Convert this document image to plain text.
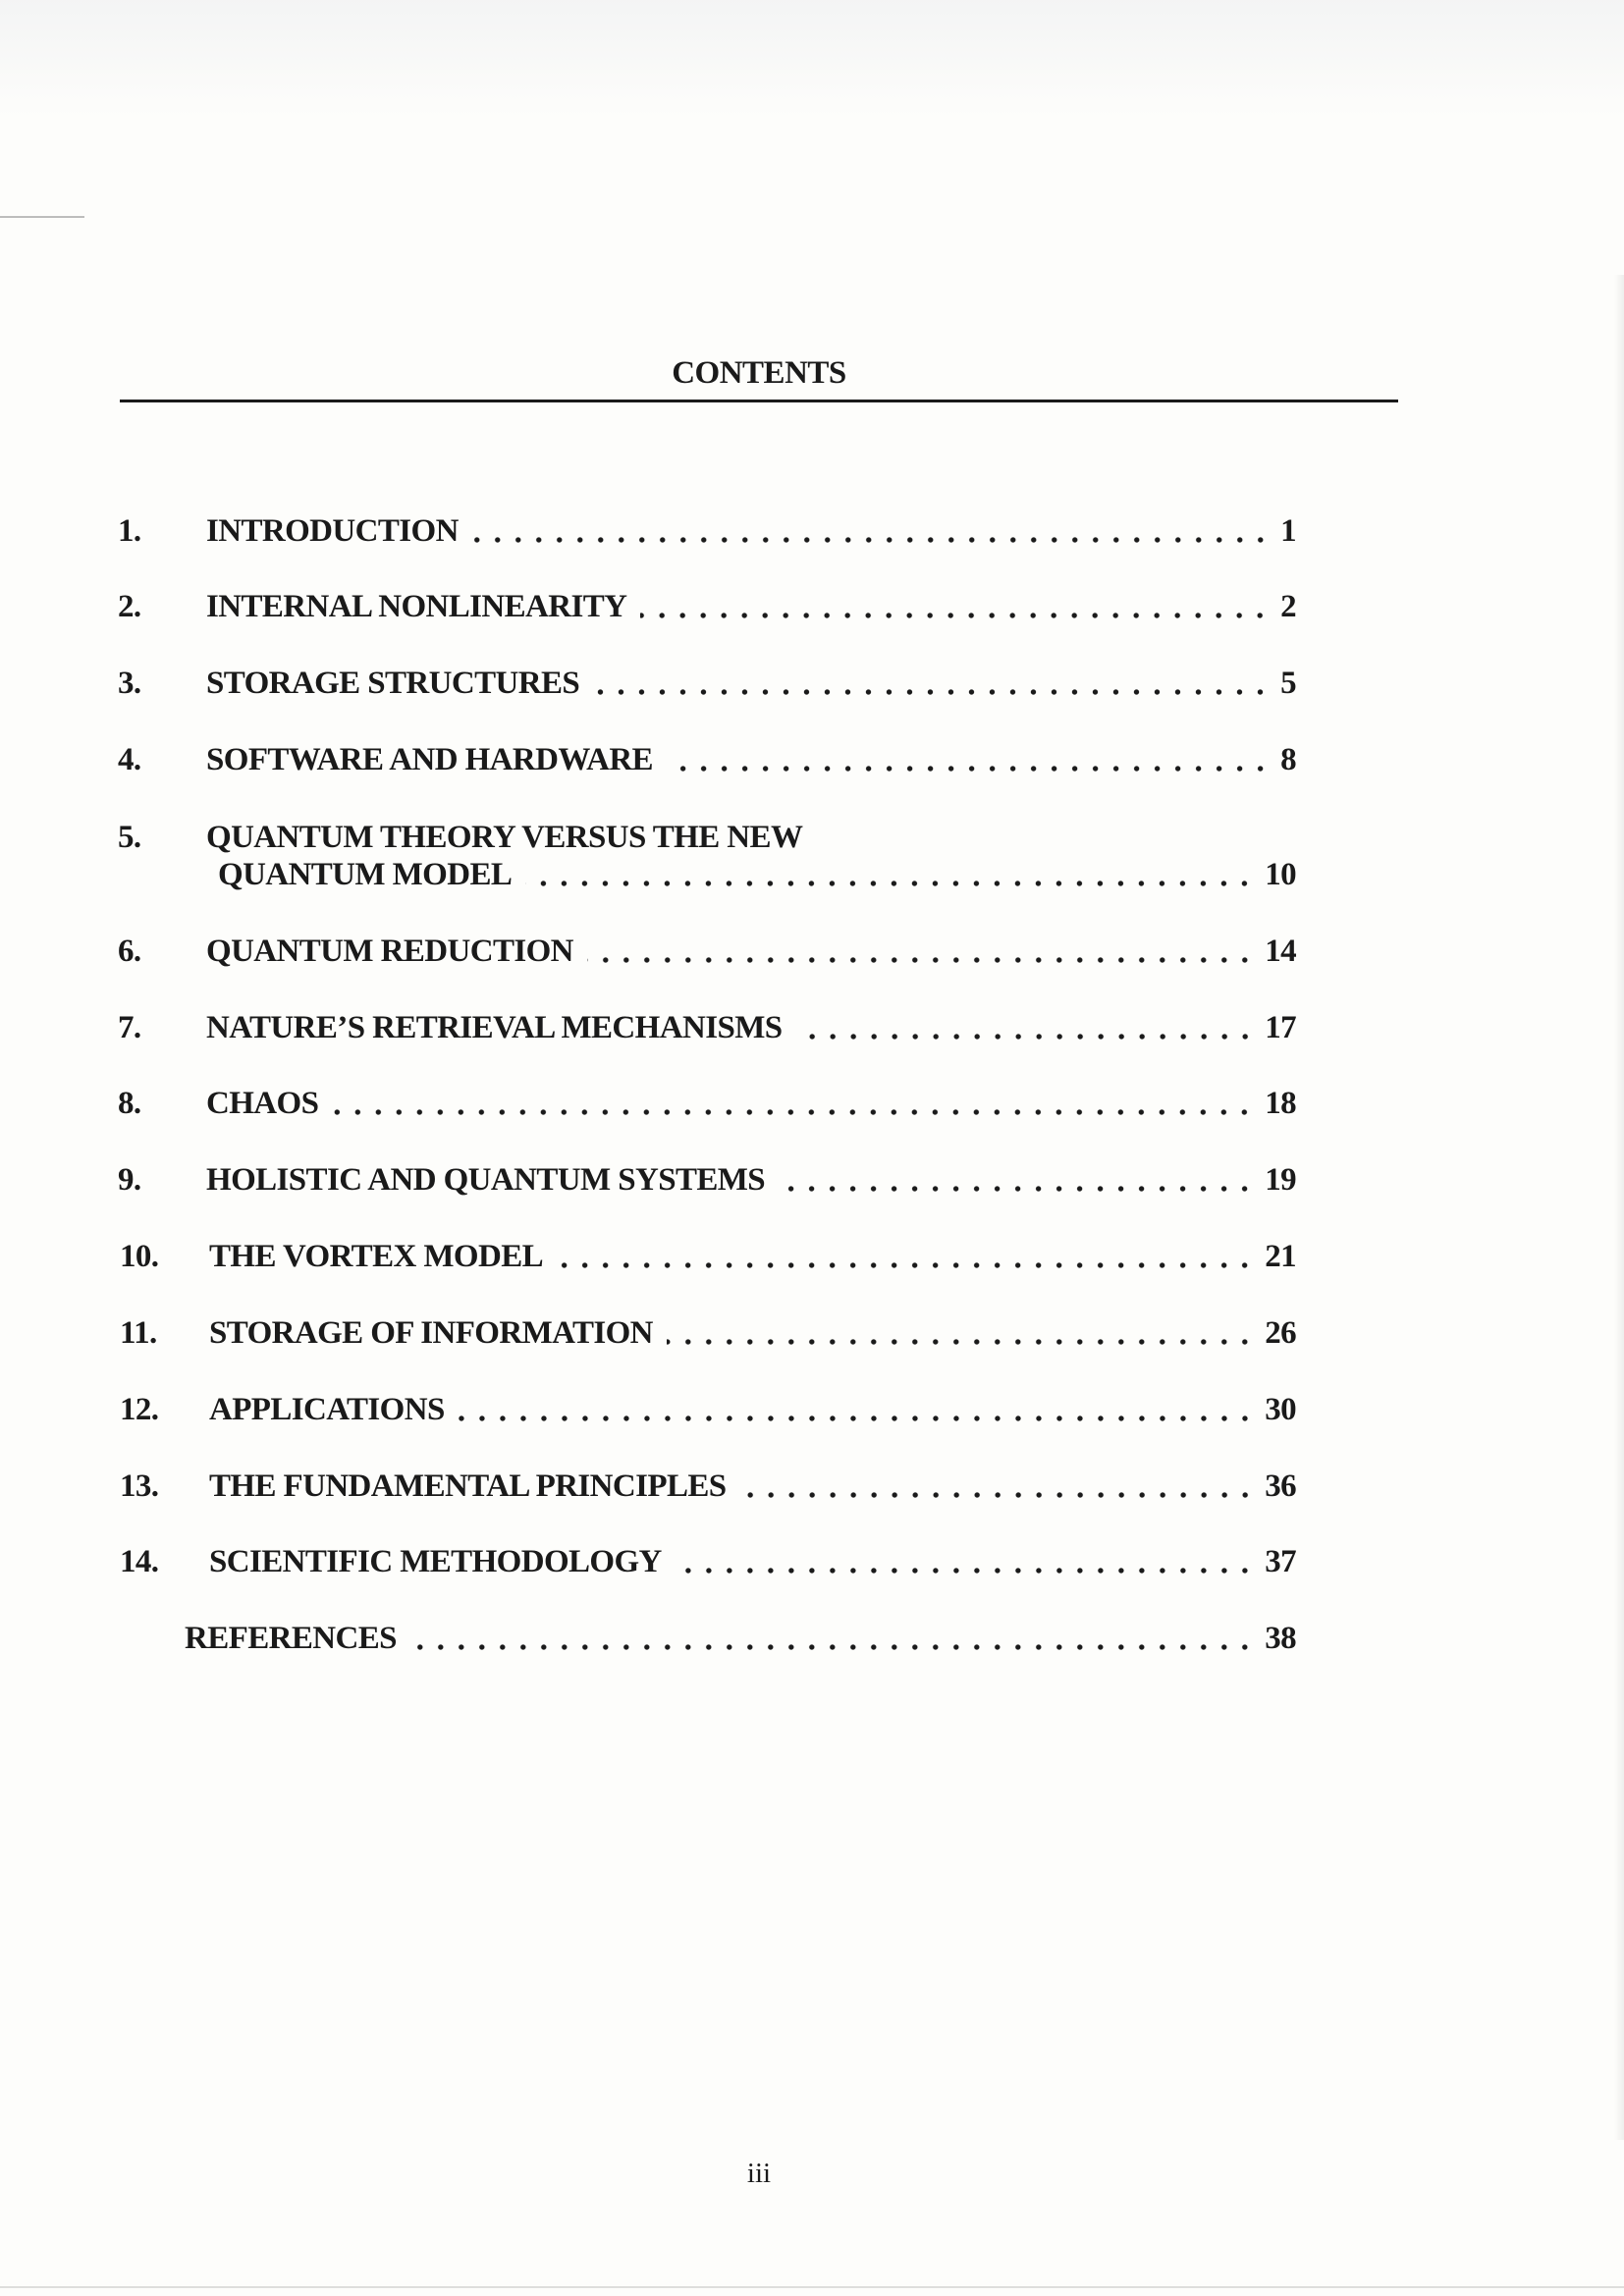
CONTENTS
1.	INTRODUCTION	1
2.	INTERNAL NONLINEARITY	2
3.	STORAGE STRUCTURES	5
4.	SOFTWARE AND HARDWARE	8
5.	QUANTUM THEORY VERSUS THE NEW
QUANTUM MODEL	10
6.	QUANTUM REDUCTION	14
7.	NATURE’S RETRIEVAL MECHANISMS	17
8.	CHAOS	18
9.	HOLISTIC AND QUANTUM SYSTEMS	19
10.	THE VORTEX MODEL	21
11.	STORAGE OF INFORMATION	26
12.	APPLICATIONS	30
13.	THE FUNDAMENTAL PRINCIPLES	36
14.	SCIENTIFIC METHODOLOGY	37
REFERENCES	38
iii
